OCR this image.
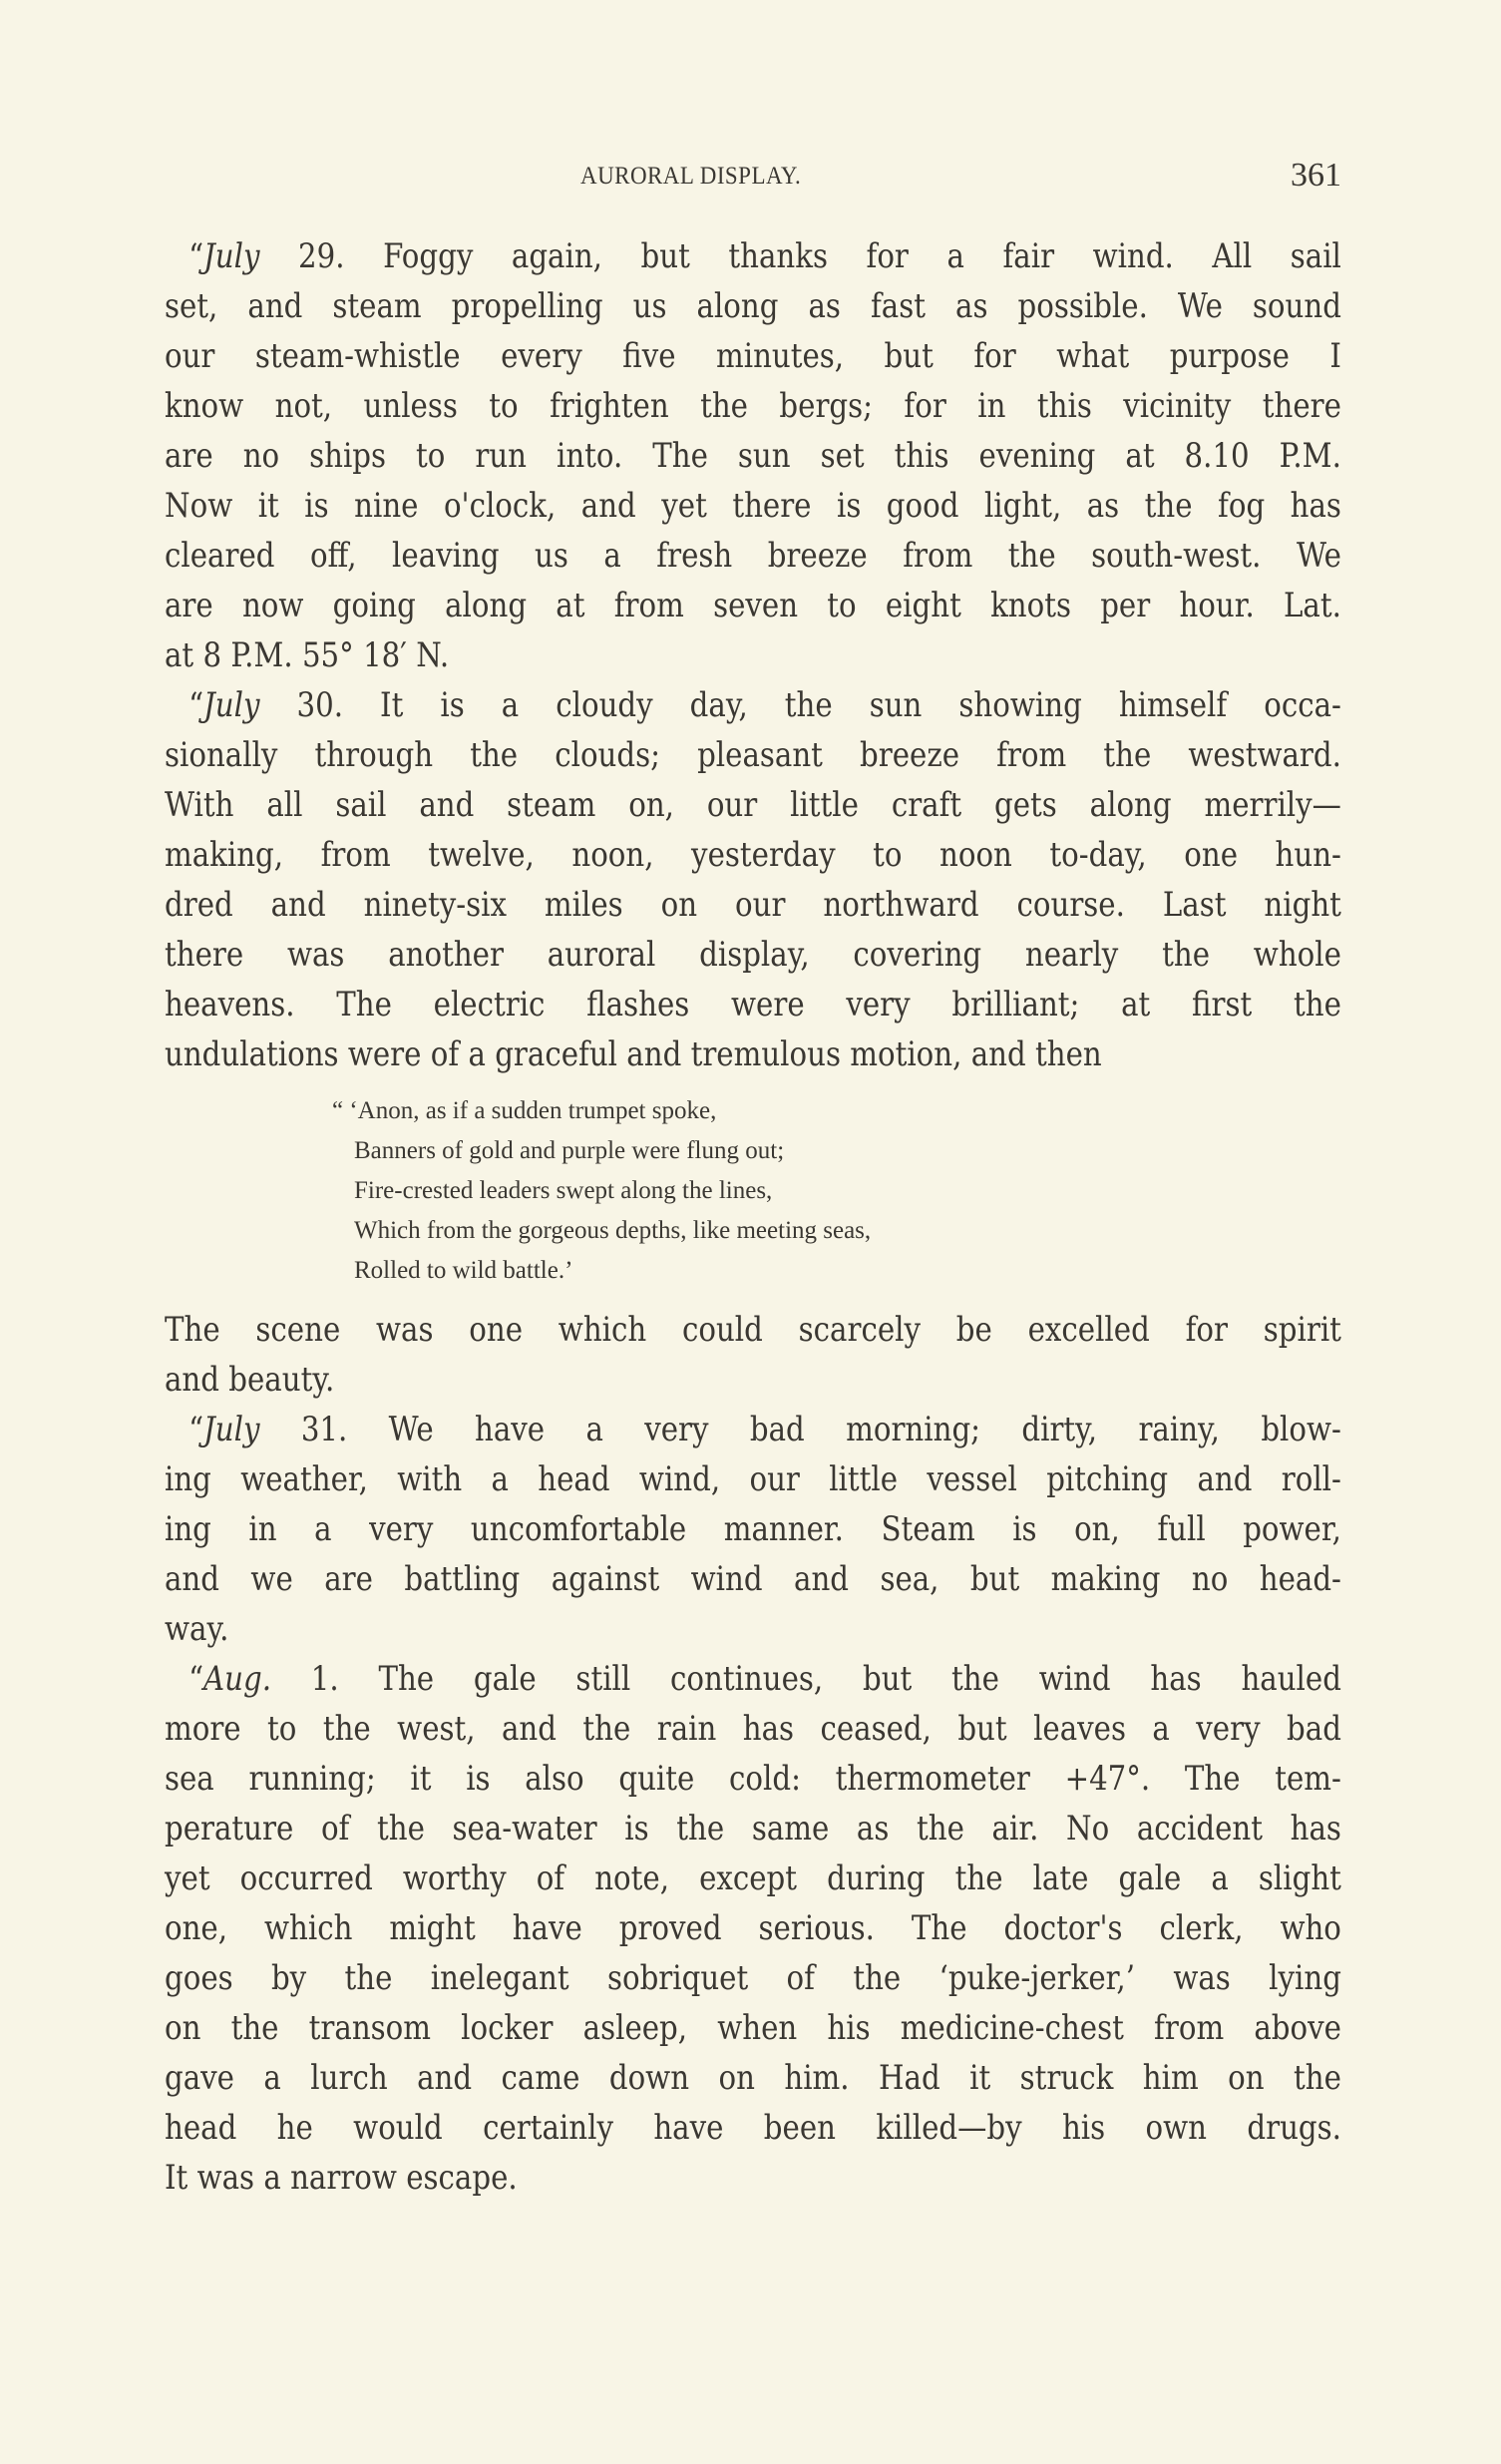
AURORAL DISPLAY.	361
“July 29. Foggy again, but thanks for a fair wind. All sail
set, and steam propelling us along as fast as possible. We sound
our steam-whistle every five minutes, but for what purpose I
know not, unless to frighten the bergs; for in this vicinity there
are no ships to run into. The sun set this evening at 8.10 P.M.
Now it is nine o'clock, and yet there is good light, as the fog has
cleared off, leaving us a fresh breeze from the south-west. We
are now going along at from seven to eight knots per hour. Lat.
at 8 P.M. 55° 18′ N.
“July 30. It is a cloudy day, the sun showing himself occa-
sionally through the clouds; pleasant breeze from the westward.
With all sail and steam on, our little craft gets along merrily—
making, from twelve, noon, yesterday to noon to-day, one hun-
dred and ninety-six miles on our northward course. Last night
there was another auroral display, covering nearly the whole
heavens. The electric flashes were very brilliant; at first the
undulations were of a graceful and tremulous motion, and then
“ ‘Anon, as if a sudden trumpet spoke,
Banners of gold and purple were flung out;
Fire-crested leaders swept along the lines,
Which from the gorgeous depths, like meeting seas,
Rolled to wild battle.’
The scene was one which could scarcely be excelled for spirit
and beauty.
“July 31. We have a very bad morning; dirty, rainy, blow-
ing weather, with a head wind, our little vessel pitching and roll-
ing in a very uncomfortable manner. Steam is on, full power,
and we are battling against wind and sea, but making no head-
way.
“Aug. 1. The gale still continues, but the wind has hauled
more to the west, and the rain has ceased, but leaves a very bad
sea running; it is also quite cold: thermometer +47°. The tem-
perature of the sea-water is the same as the air. No accident has
yet occurred worthy of note, except during the late gale a slight
one, which might have proved serious. The doctor's clerk, who
goes by the inelegant sobriquet of the ‘puke-jerker,’ was lying
on the transom locker asleep, when his medicine-chest from above
gave a lurch and came down on him. Had it struck him on the
head he would certainly have been killed—by his own drugs.
It was a narrow escape.
